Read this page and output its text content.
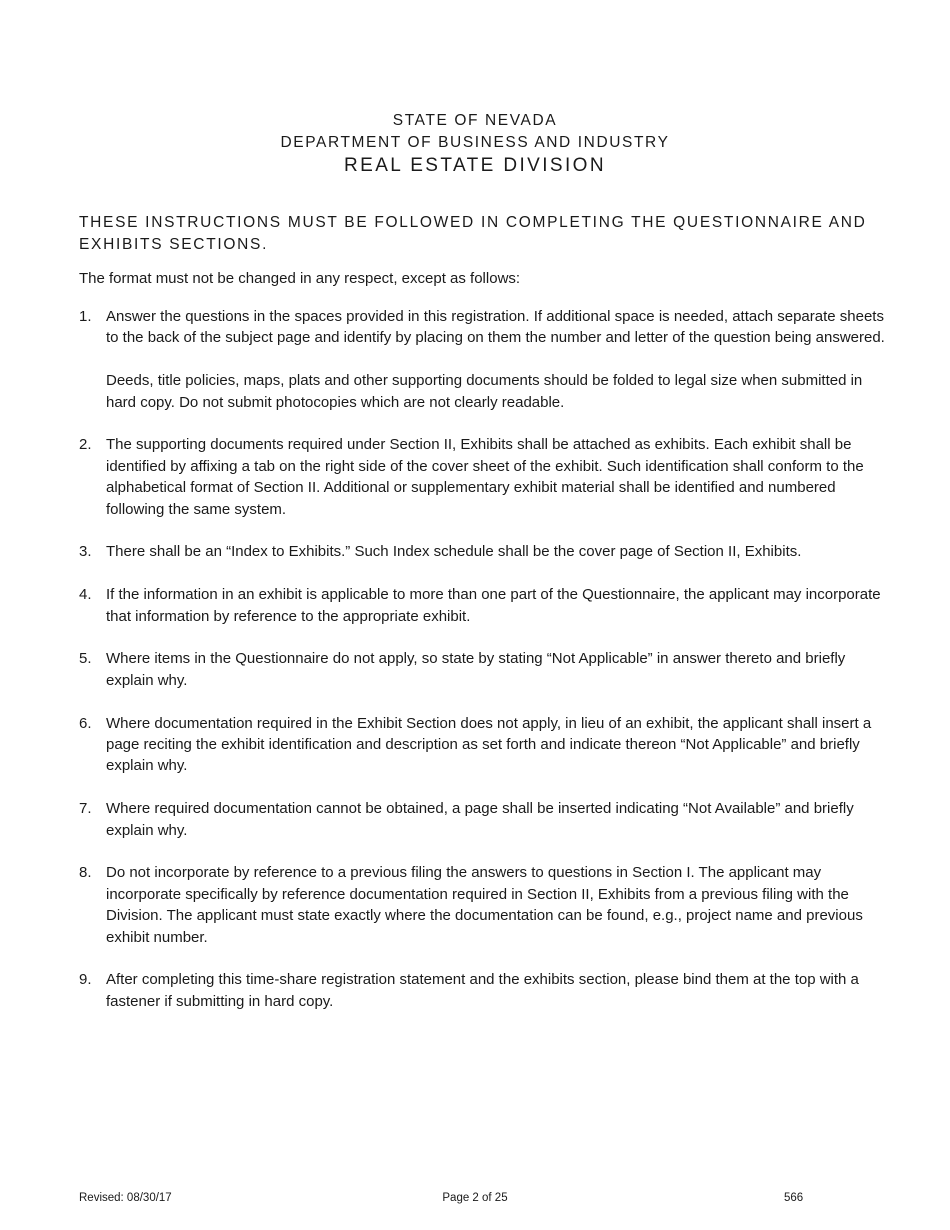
STATE OF NEVADA
DEPARTMENT OF BUSINESS AND INDUSTRY
REAL ESTATE DIVISION
THESE INSTRUCTIONS MUST BE FOLLOWED IN COMPLETING THE QUESTIONNAIRE AND EXHIBITS SECTIONS.
The format must not be changed in any respect, except as follows:
1. Answer the questions in the spaces provided in this registration. If additional space is needed, attach separate sheets to the back of the subject page and identify by placing on them the number and letter of the question being answered.

Deeds, title policies, maps, plats and other supporting documents should be folded to legal size when submitted in hard copy. Do not submit photocopies which are not clearly readable.

2. The supporting documents required under Section II, Exhibits shall be attached as exhibits. Each exhibit shall be identified by affixing a tab on the right side of the cover sheet of the exhibit. Such identification shall conform to the alphabetical format of Section II. Additional or supplementary exhibit material shall be identified and numbered following the same system.

3. There shall be an “Index to Exhibits.” Such Index schedule shall be the cover page of Section II, Exhibits.

4. If the information in an exhibit is applicable to more than one part of the Questionnaire, the applicant may incorporate that information by reference to the appropriate exhibit.

5. Where items in the Questionnaire do not apply, so state by stating “Not Applicable” in answer thereto and briefly explain why.

6. Where documentation required in the Exhibit Section does not apply, in lieu of an exhibit, the applicant shall insert a page reciting the exhibit identification and description as set forth and indicate thereon “Not Applicable” and briefly explain why.

7. Where required documentation cannot be obtained, a page shall be inserted indicating “Not Available” and briefly explain why.

8. Do not incorporate by reference to a previous filing the answers to questions in Section I. The applicant may incorporate specifically by reference documentation required in Section II, Exhibits from a previous filing with the Division. The applicant must state exactly where the documentation can be found, e.g., project name and previous exhibit number.

9. After completing this time-share registration statement and the exhibits section, please bind them at the top with a fastener if submitting in hard copy.

Revised: 08/30/17	Page 2 of 25	566
